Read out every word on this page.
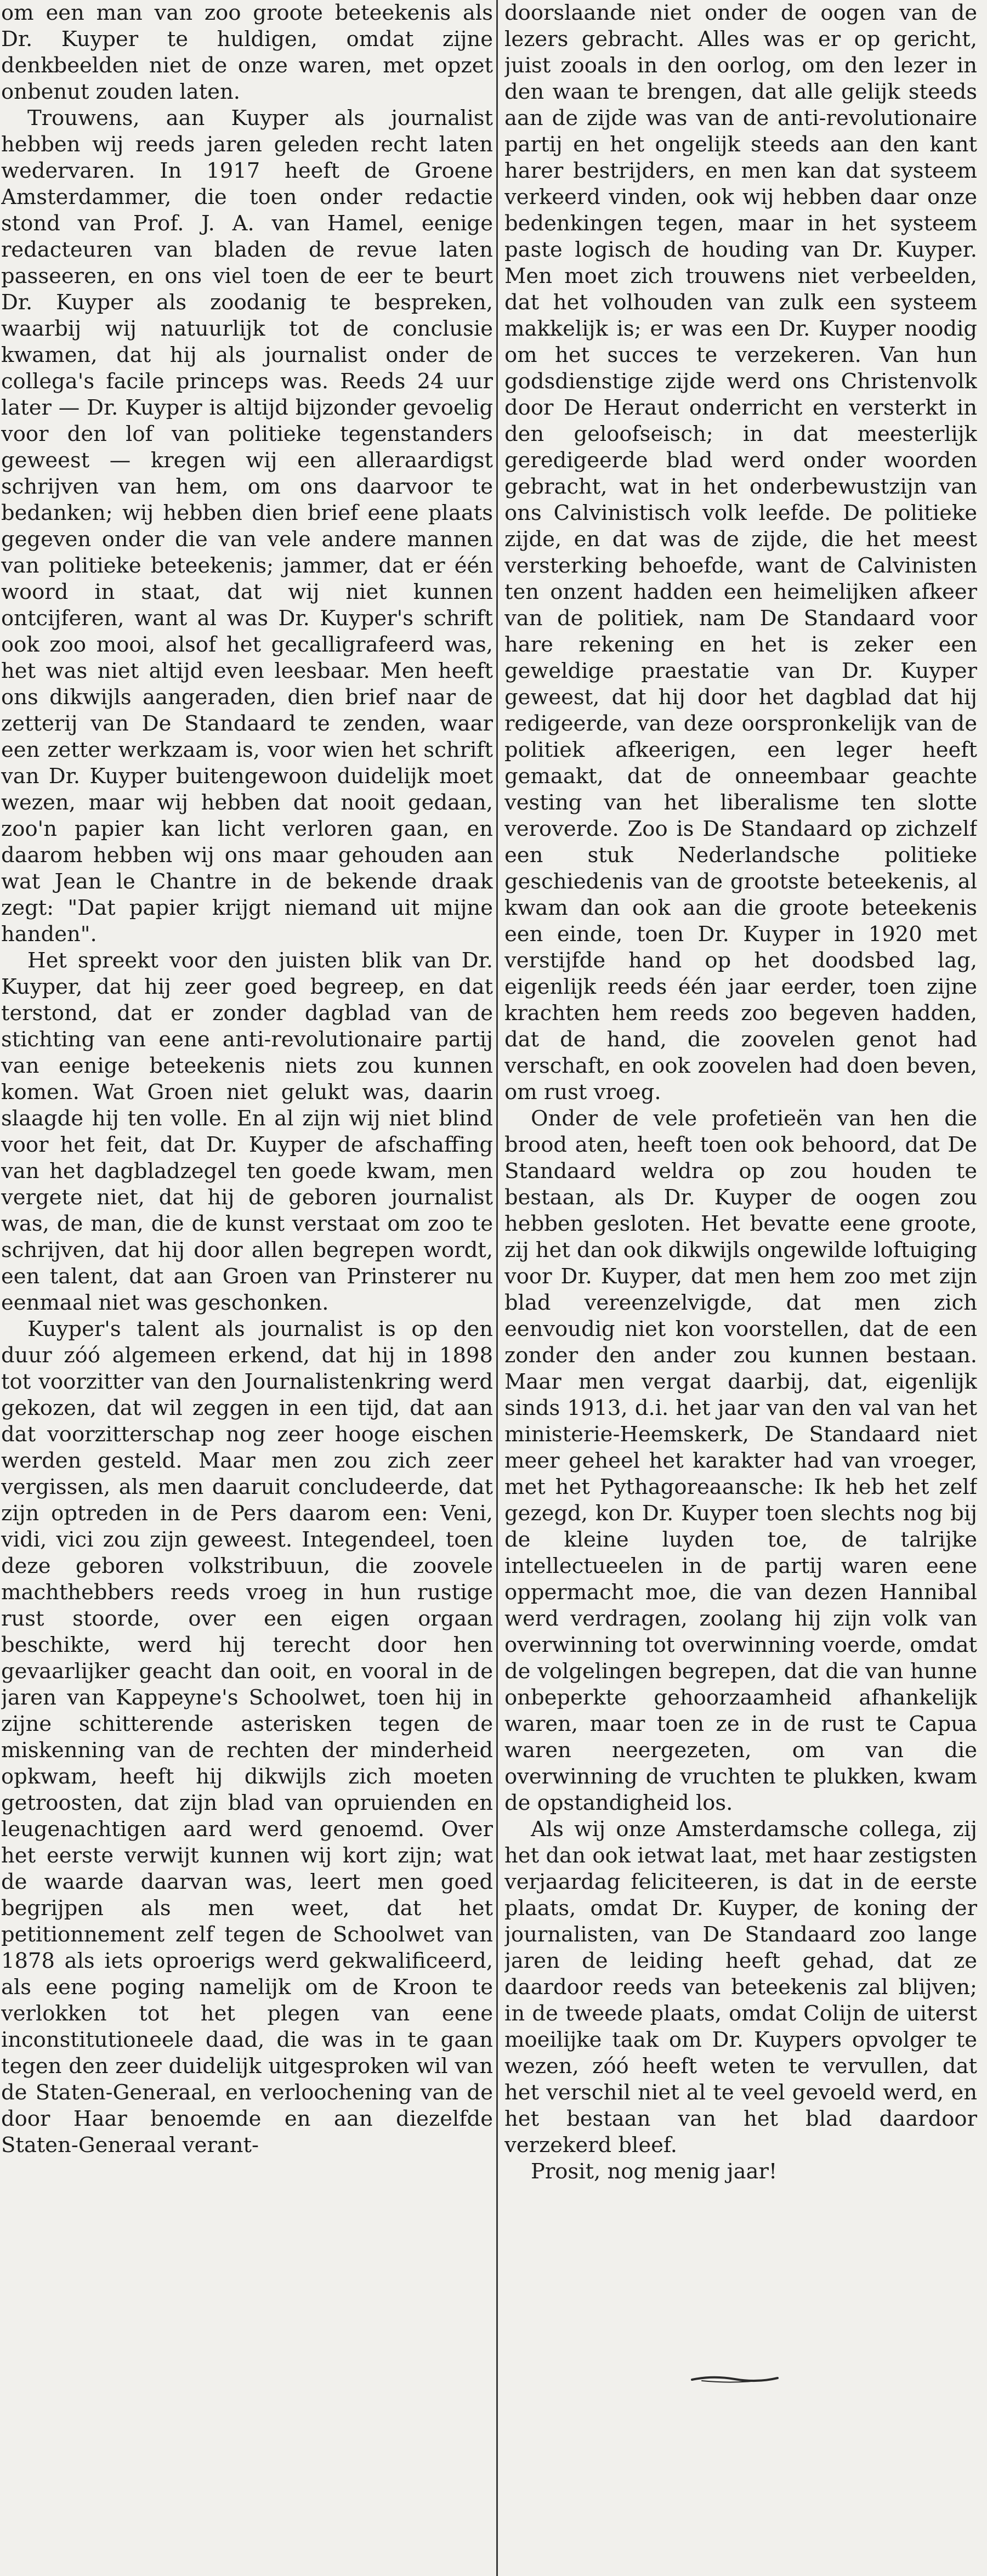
om een man van zoo groote beteekenis als Dr. Kuyper te huldigen, omdat zijne denkbeelden niet de onze waren, met opzet onbenut zouden laten.

Trouwens, aan Kuyper als journalist hebben wij reeds jaren geleden recht laten wedervaren. In 1917 heeft de Groene Amsterdammer, die toen onder redactie stond van Prof. J. A. van Hamel, eenige redacteuren van bladen de revue laten passeeren, en ons viel toen de eer te beurt Dr. Kuyper als zoodanig te bespreken, waarbij wij natuurlijk tot de conclusie kwamen, dat hij als journalist onder de collega's facile princeps was. Reeds 24 uur later — Dr. Kuyper is altijd bijzonder gevoelig voor den lof van politieke tegenstanders geweest — kregen wij een alleraardigst schrijven van hem, om ons daarvoor te bedanken; wij hebben dien brief eene plaats gegeven onder die van vele andere mannen van politieke beteekenis; jammer, dat er één woord in staat, dat wij niet kunnen ontcijferen, want al was Dr. Kuyper's schrift ook zoo mooi, alsof het gecalligrafeerd was, het was niet altijd even leesbaar. Men heeft ons dikwijls aangeraden, dien brief naar de zetterij van De Standaard te zenden, waar een zetter werkzaam is, voor wien het schrift van Dr. Kuyper buitengewoon duidelijk moet wezen, maar wij hebben dat nooit gedaan, zoo'n papier kan licht verloren gaan, en daarom hebben wij ons maar gehouden aan wat Jean le Chantre in de bekende draak zegt: "Dat papier krijgt niemand uit mijne handen".

Het spreekt voor den juisten blik van Dr. Kuyper, dat hij zeer goed begreep, en dat terstond, dat er zonder dagblad van de stichting van eene anti-revolutionaire partij van eenige beteekenis niets zou kunnen komen. Wat Groen niet gelukt was, daarin slaagde hij ten volle. En al zijn wij niet blind voor het feit, dat Dr. Kuyper de afschaffing van het dagbladzegel ten goede kwam, men vergete niet, dat hij de geboren journalist was, de man, die de kunst verstaat om zoo te schrijven, dat hij door allen begrepen wordt, een talent, dat aan Groen van Prinsterer nu eenmaal niet was geschonken.

Kuyper's talent als journalist is op den duur zóó algemeen erkend, dat hij in 1898 tot voorzitter van den Journalistenkring werd gekozen, dat wil zeggen in een tijd, dat aan dat voorzitterschap nog zeer hooge eischen werden gesteld. Maar men zou zich zeer vergissen, als men daaruit concludeerde, dat zijn optreden in de Pers daarom een: Veni, vidi, vici zou zijn geweest. Integendeel, toen deze geboren volkstribuun, die zoovele machthebbers reeds vroeg in hun rustige rust stoorde, over een eigen orgaan beschikte, werd hij terecht door hen gevaarlijker geacht dan ooit, en vooral in de jaren van Kappeyne's Schoolwet, toen hij in zijne schitterende asterisken tegen de miskenning van de rechten der minderheid opkwam, heeft hij dikwijls zich moeten getroosten, dat zijn blad van opruienden en leugenachtigen aard werd genoemd. Over het eerste verwijt kunnen wij kort zijn; wat de waarde daarvan was, leert men goed begrijpen als men weet, dat het petitionnement zelf tegen de Schoolwet van 1878 als iets oproerigs werd gekwalificeerd, als eene poging namelijk om de Kroon te verlokken tot het plegen van eene inconstitutioneele daad, die was in te gaan tegen den zeer duidelijk uitgesproken wil van de Staten-Generaal, en verloochening van de door Haar benoemde en aan diezelfde Staten-Generaal verant-

doorslaande niet onder de oogen van de lezers gebracht. Alles was er op gericht, juist zooals in den oorlog, om den lezer in den waan te brengen, dat alle gelijk steeds aan de zijde was van de anti-revolutionaire partij en het ongelijk steeds aan den kant harer bestrijders, en men kan dat systeem verkeerd vinden, ook wij hebben daar onze bedenkingen tegen, maar in het systeem paste logisch de houding van Dr. Kuyper. Men moet zich trouwens niet verbeelden, dat het volhouden van zulk een systeem makkelijk is; er was een Dr. Kuyper noodig om het succes te verzekeren. Van hun godsdienstige zijde werd ons Christenvolk door De Heraut onderricht en versterkt in den geloofseisch; in dat meesterlijk geredigeerde blad werd onder woorden gebracht, wat in het onderbewustzijn van ons Calvinistisch volk leefde. De politieke zijde, en dat was de zijde, die het meest versterking behoefde, want de Calvinisten ten onzent hadden een heimelijken afkeer van de politiek, nam De Standaard voor hare rekening en het is zeker een geweldige praestatie van Dr. Kuyper geweest, dat hij door het dagblad dat hij redigeerde, van deze oorspronkelijk van de politiek afkeerigen, een leger heeft gemaakt, dat de onneembaar geachte vesting van het liberalisme ten slotte veroverde. Zoo is De Standaard op zichzelf een stuk Nederlandsche politieke geschiedenis van de grootste beteekenis, al kwam dan ook aan die groote beteekenis een einde, toen Dr. Kuyper in 1920 met verstijfde hand op het doodsbed lag, eigenlijk reeds één jaar eerder, toen zijne krachten hem reeds zoo begeven hadden, dat de hand, die zoovelen genot had verschaft, en ook zoovelen had doen beven, om rust vroeg.

Onder de vele profetieën van hen die brood aten, heeft toen ook behoord, dat De Standaard weldra op zou houden te bestaan, als Dr. Kuyper de oogen zou hebben gesloten. Het bevatte eene groote, zij het dan ook dikwijls ongewilde loftuiging voor Dr. Kuyper, dat men hem zoo met zijn blad vereenzelvigde, dat men zich eenvoudig niet kon voorstellen, dat de een zonder den ander zou kunnen bestaan. Maar men vergat daarbij, dat, eigenlijk sinds 1913, d.i. het jaar van den val van het ministerie-Heemskerk, De Standaard niet meer geheel het karakter had van vroeger, met het Pythagoreaansche: Ik heb het zelf gezegd, kon Dr. Kuyper toen slechts nog bij de kleine luyden toe, de talrijke intellectueelen in de partij waren eene oppermacht moe, die van dezen Hannibal werd verdragen, zoolang hij zijn volk van overwinning tot overwinning voerde, omdat de volgelingen begrepen, dat die van hunne onbeperkte gehoorzaamheid afhankelijk waren, maar toen ze in de rust te Capua waren neergezeten, om van die overwinning de vruchten te plukken, kwam de opstandigheid los.

Als wij onze Amsterdamsche collega, zij het dan ook ietwat laat, met haar zestigsten verjaardag feliciteeren, is dat in de eerste plaats, omdat Dr. Kuyper, de koning der journalisten, van De Standaard zoo lange jaren de leiding heeft gehad, dat ze daardoor reeds van beteekenis zal blijven; in de tweede plaats, omdat Colijn de uiterst moeilijke taak om Dr. Kuypers opvolger te wezen, zóó heeft weten te vervullen, dat het verschil niet al te veel gevoeld werd, en het bestaan van het blad daardoor verzekerd bleef.

Prosit, nog menig jaar!
